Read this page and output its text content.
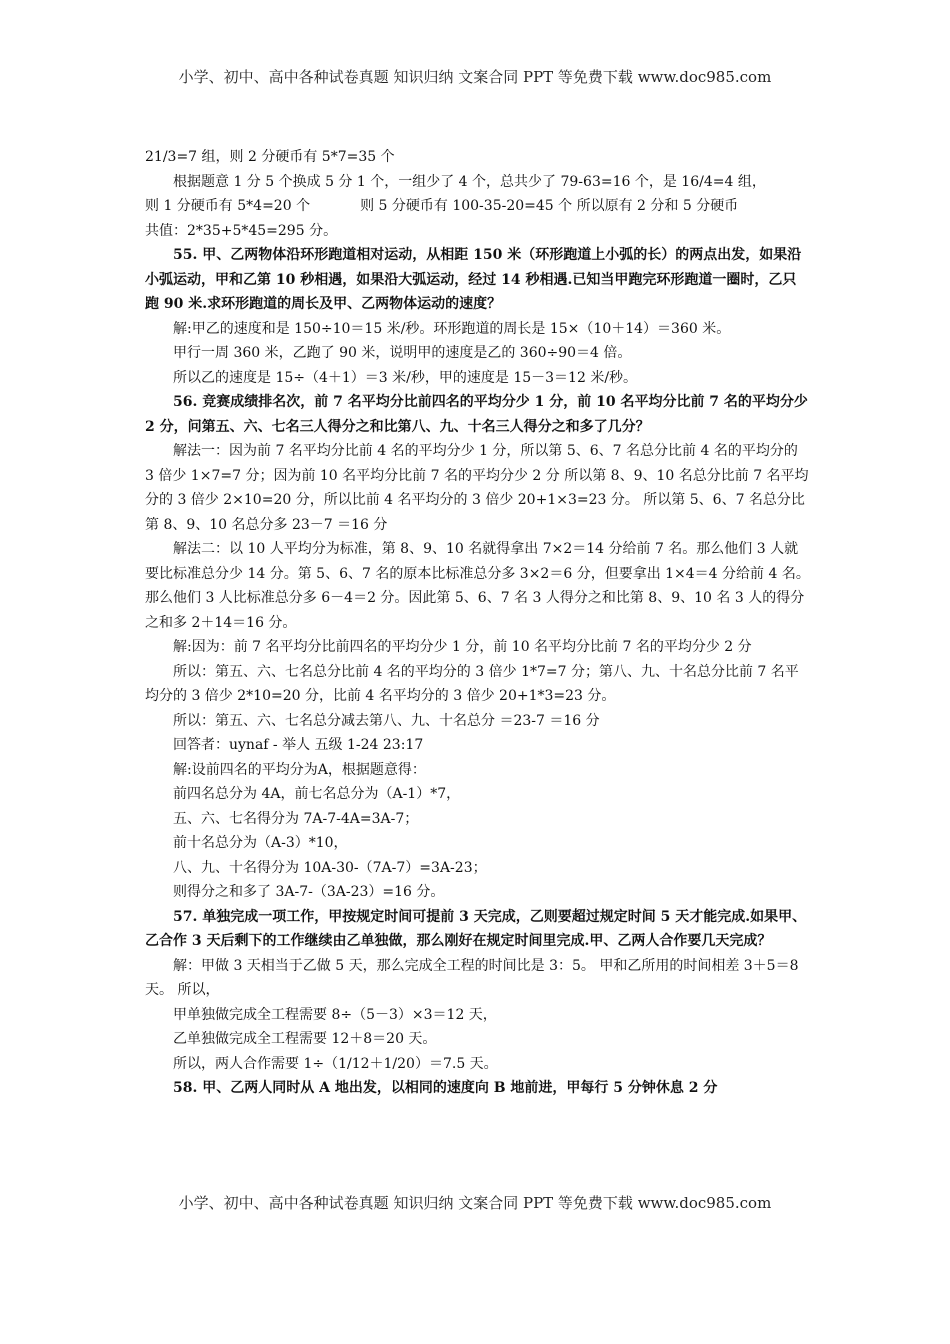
小学、初中、高中各种试卷真题 知识归纳 文案合同 PPT 等免费下载 www.doc985.com

21/3=7 组，则 2 分硬币有 5*7=35 个

根据题意 1 分 5 个换成 5 分 1 个，一组少了 4 个，总共少了 79-63=16 个，是 16/4=4 组，

则 1 分硬币有 5*4=20 个	则 5 分硬币有 100-35-20=45 个 所以原有 2 分和 5 分硬币

共值：2*35+5*45=295 分。

55. 甲、乙两物体沿环形跑道相对运动，从相距 150 米（环形跑道上小弧的长）的两点出发，如果沿小弧运动，甲和乙第 10 秒相遇，如果沿大弧运动，经过 14 秒相遇.已知当甲跑完环形跑道一圈时，乙只跑 90 米.求环形跑道的周长及甲、乙两物体运动的速度？

解:甲乙的速度和是 150÷10＝15 米/秒。环形跑道的周长是 15×（10＋14）＝360 米。

甲行一周 360 米，乙跑了 90 米，说明甲的速度是乙的 360÷90＝4 倍。

所以乙的速度是 15÷（4＋1）＝3 米/秒，甲的速度是 15－3＝12 米/秒。

56. 竞赛成绩排名次，前 7 名平均分比前四名的平均分少 1 分，前 10 名平均分比前 7 名的平均分少 2 分，问第五、六、七名三人得分之和比第八、九、十名三人得分之和多了几分？

解法一：因为前 7 名平均分比前 4 名的平均分少 1 分，所以第 5、6、7 名总分比前 4 名的平均分的 3 倍少 1×7=7 分；因为前 10 名平均分比前 7 名的平均分少 2 分 所以第 8、9、10 名总分比前 7 名平均分的 3 倍少 2×10=20 分，所以比前 4 名平均分的 3 倍少 20+1×3=23 分。 所以第 5、6、7 名总分比第 8、9、10 名总分多 23－7 ＝16 分

解法二：以 10 人平均分为标准，第 8、9、10 名就得拿出 7×2＝14 分给前 7 名。那么他们 3 人就要比标准总分少 14 分。第 5、6、7 名的原本比标准总分多 3×2＝6 分，但要拿出 1×4＝4 分给前 4 名。那么他们 3 人比标准总分多 6－4＝2 分。因此第 5、6、7 名 3 人得分之和比第 8、9、10 名 3 人的得分之和多 2＋14＝16 分。

解:因为：前 7 名平均分比前四名的平均分少 1 分，前 10 名平均分比前 7 名的平均分少 2 分

所以：第五、六、七名总分比前 4 名的平均分的 3 倍少 1*7=7 分；第八、九、十名总分比前 7 名平均分的 3 倍少 2*10=20 分，比前 4 名平均分的 3 倍少 20+1*3=23 分。

所以：第五、六、七名总分减去第八、九、十名总分 ＝23-7 ＝16 分

回答者：uynaf - 举人 五级 1-24 23:17

解:设前四名的平均分为A，根据题意得：

前四名总分为 4A，前七名总分为（A-1）*7，

五、六、七名得分为 7A-7-4A=3A-7；

前十名总分为（A-3）*10，

八、九、十名得分为 10A-30-（7A-7）=3A-23；

则得分之和多了 3A-7-（3A-23）=16 分。

57. 单独完成一项工作，甲按规定时间可提前 3 天完成，乙则要超过规定时间 5 天才能完成.如果甲、乙合作 3 天后剩下的工作继续由乙单独做，那么刚好在规定时间里完成.甲、乙两人合作要几天完成？

解：甲做 3 天相当于乙做 5 天，那么完成全工程的时间比是 3：5。 甲和乙所用的时间相差 3＋5＝8 天。 所以，

甲单独做完成全工程需要 8÷（5－3）×3＝12 天，

乙单独做完成全工程需要 12＋8＝20 天。

所以，两人合作需要 1÷（1/12＋1/20）＝7.5 天。

58. 甲、乙两人同时从 A 地出发，以相同的速度向 B 地前进，甲每行 5 分钟休息 2 分

小学、初中、高中各种试卷真题 知识归纳 文案合同 PPT 等免费下载 www.doc985.com
